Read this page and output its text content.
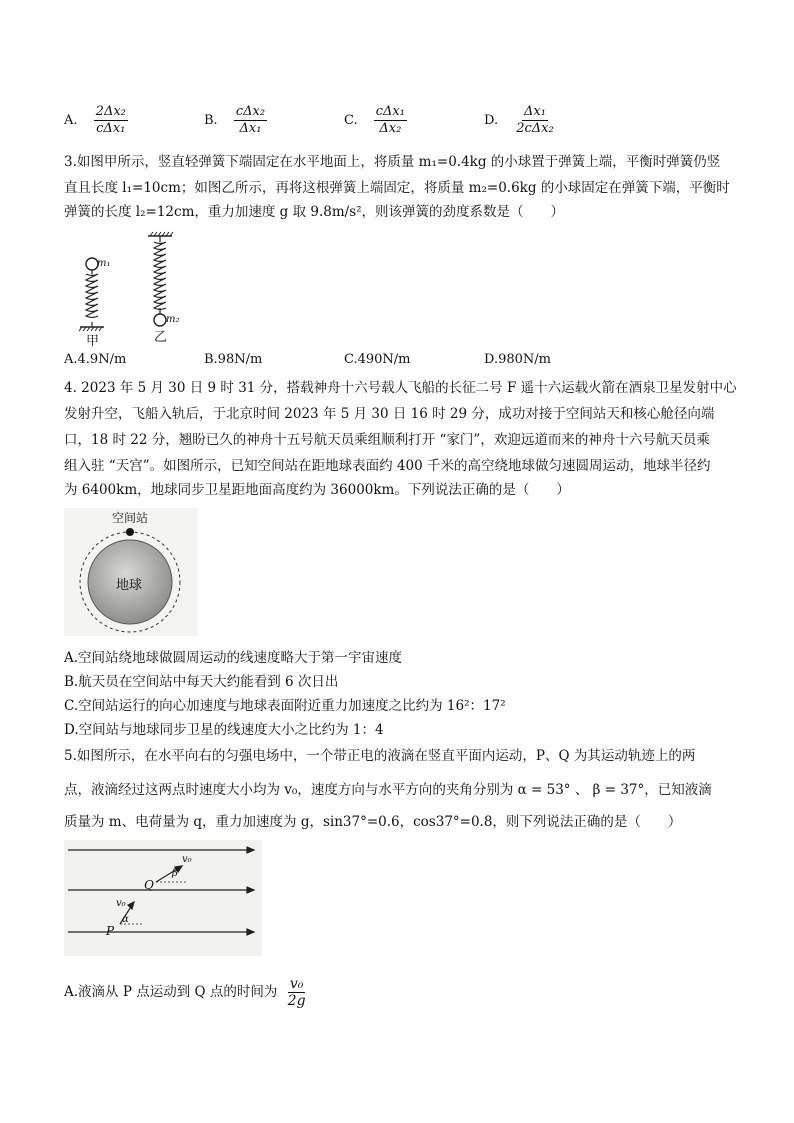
A. $\frac{\text{2Δx₂}}{\text{cΔx₁}}$	B. $\frac{\text{cΔx₂}}{\text{Δx₁}}$	C. $\frac{\text{cΔx₁}}{\text{Δx₂}}$	D. $\frac{\text{Δx₁}}{\text{2cΔx₂}}$
3.如图甲所示，竖直轻弹簧下端固定在水平地面上，将质量 m₁=0.4kg 的小球置于弹簧上端，平衡时弹簧仍竖
直且长度 l₁=10cm；如图乙所示，再将这根弹簧上端固定，将质量 m₂=0.6kg 的小球固定在弹簧下端，平衡时
弹簧的长度 l₂=12cm，重力加速度 g 取 9.8m/s²，则该弹簧的劲度系数是（　　）
m₁
m₂
甲	乙
A.4.9N/m	B.98N/m	C.490N/m	D.980N/m
4. 2023 年 5 月 30 日 9 时 31 分，搭载神舟十六号载人飞船的长征二号 F 遥十六运载火箭在酒泉卫星发射中心
发射升空，飞船入轨后，于北京时间 2023 年 5 月 30 日 16 时 29 分，成功对接于空间站天和核心舱径向端
口，18 时 22 分，翘盼已久的神舟十五号航天员乘组顺利打开 “家门”，欢迎远道而来的神舟十六号航天员乘
组入驻 “天宫”。如图所示，已知空间站在距地球表面约 400 千米的高空绕地球做匀速圆周运动，地球半径约
为 6400km，地球同步卫星距地面高度约为 36000km。下列说法正确的是（　　）
空间站
地球
A.空间站绕地球做圆周运动的线速度略大于第一宇宙速度
B.航天员在空间站中每天大约能看到 6 次日出
C.空间站运行的向心加速度与地球表面附近重力加速度之比约为 16²：17²
D.空间站与地球同步卫星的线速度大小之比约为 1：4
5.如图所示，在水平向右的匀强电场中，一个带正电的液滴在竖直平面内运动，P、Q 为其运动轨迹上的两
点，液滴经过这两点时速度大小均为 v₀，速度方向与水平方向的夹角分别为 α = 53° 、 β = 37°，已知液滴
质量为 m、电荷量为 q，重力加速度为 g，sin37°=0.6，cos37°=0.8，则下列说法正确的是（　　）
v₀
β
Q
v₀
α
P
A.液滴从 P 点运动到 Q 点的时间为 $\frac{\text{v₀}}{2g}$
